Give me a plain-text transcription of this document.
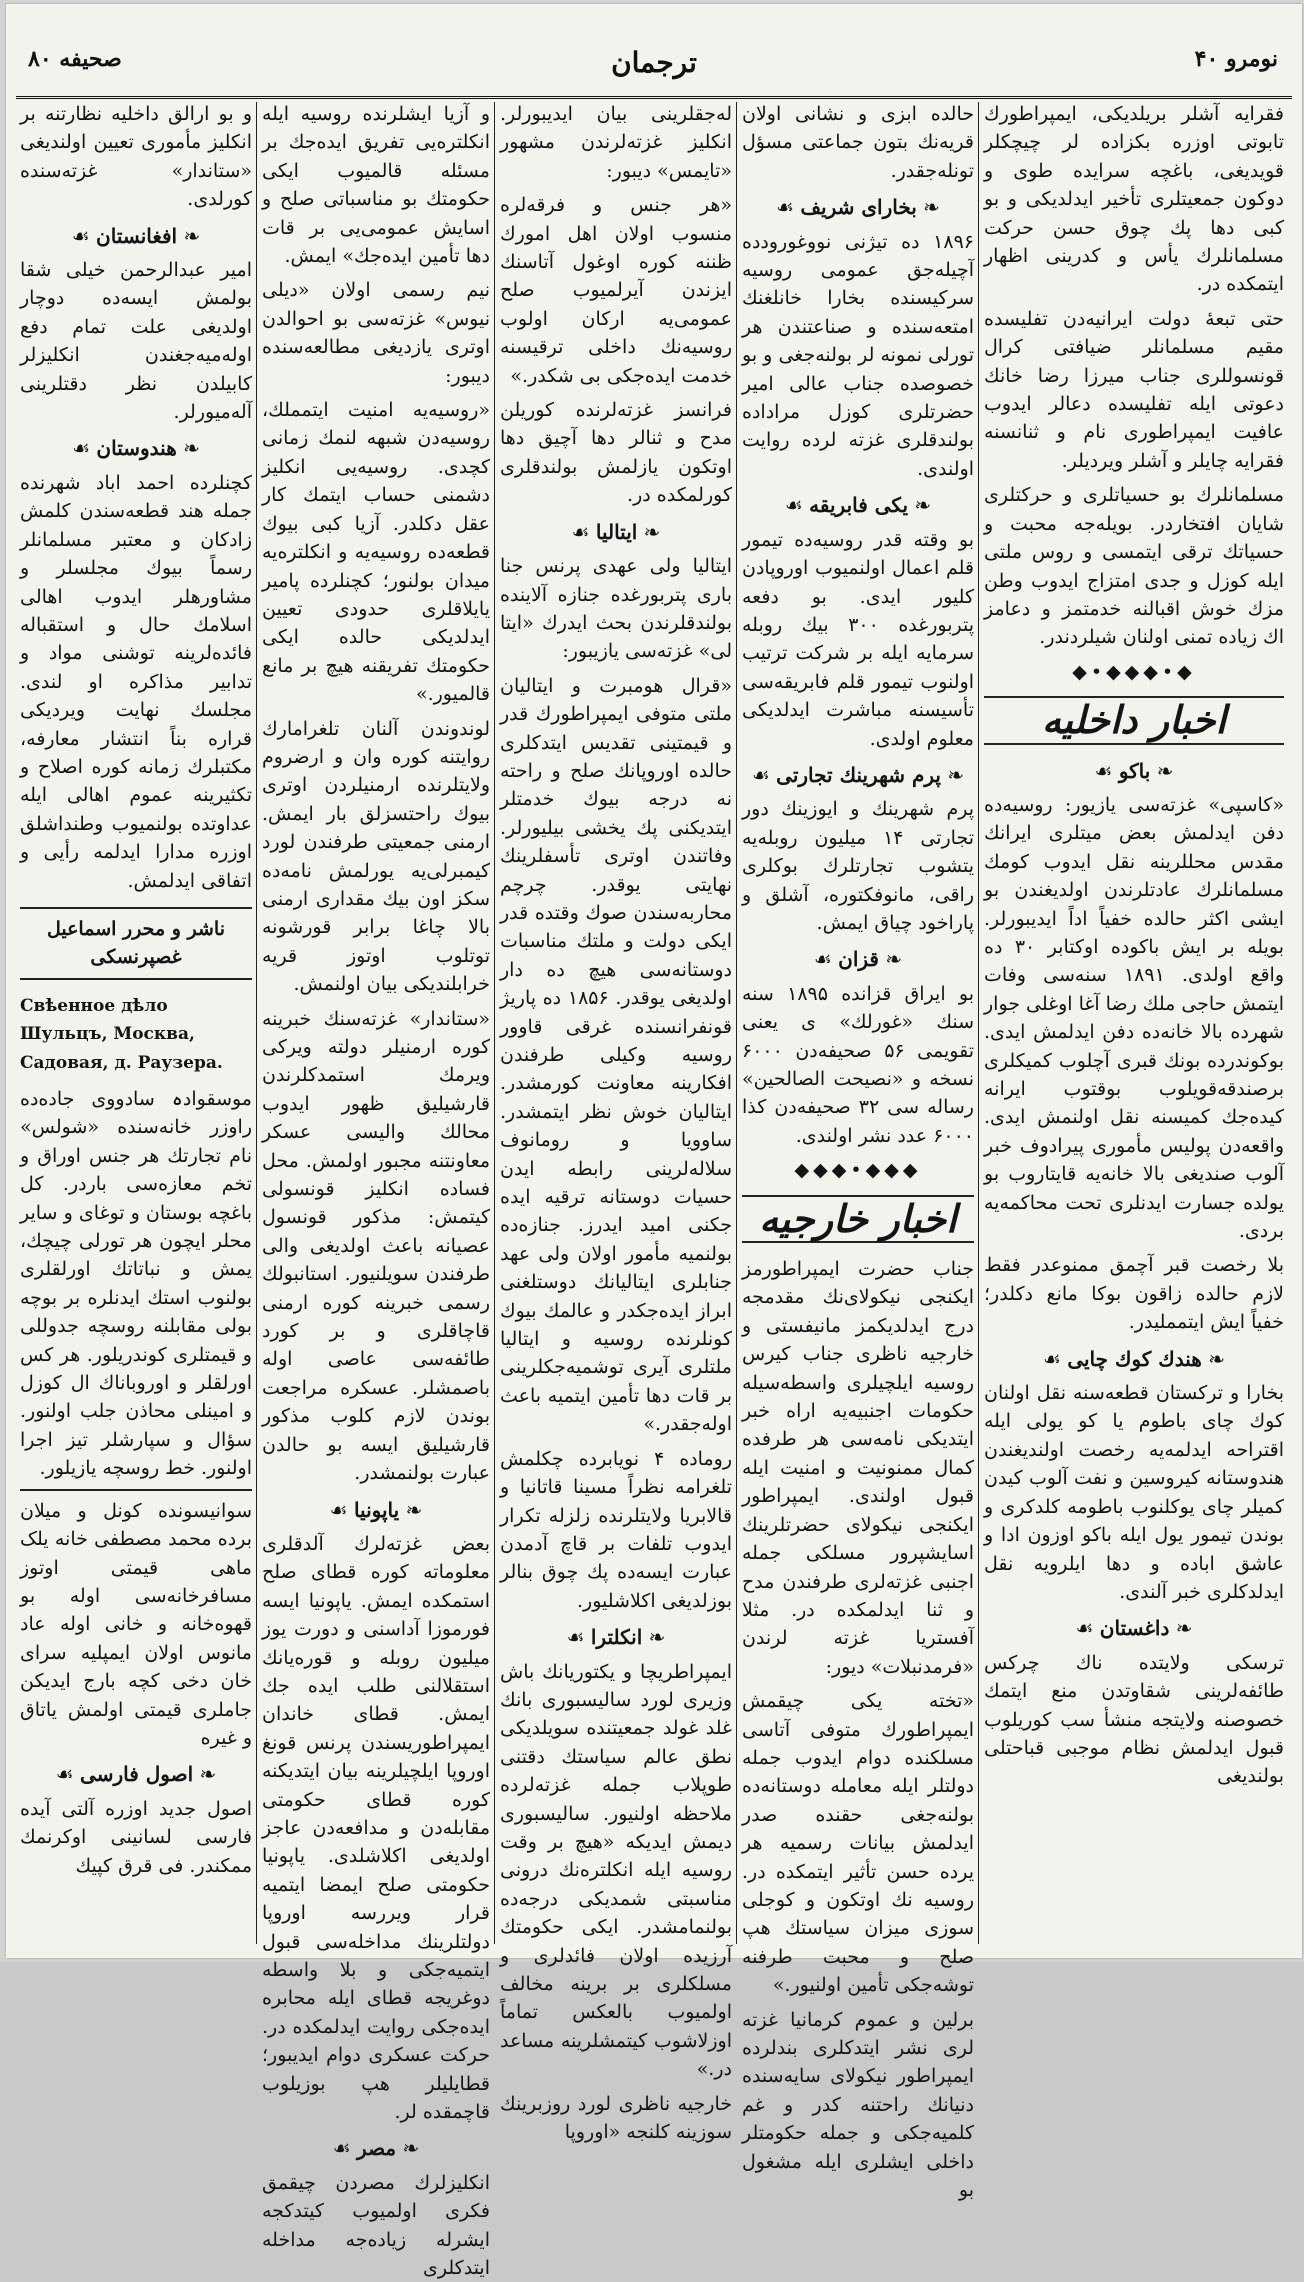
صحیفه ۸۰	ترجمان	نومرو ۴۰

فقرایه آشلر بریلدیکی، ایمپراطورك تابوتی اوزره بکزاده لر چیچکلر قویدیغی، باغچه سرایده طوی و دوکون جمعیتلری تأخیر ایدلدیکی و بو کبی دها پك چوق حسن حرکت مسلمانلرك یأس و کدرینی اظهار ایتمکده در.

حتی تبعهٔ دولت ایرانیه‌دن تفلیسده مقیم مسلمانلر ضیافتی کرال قونسوللری جناب میرزا رضا خانك دعوتی ایله تفلیسده دعالر ایدوب عافیت ایمپراطوری نام و ثنانسنه فقرایه چایلر و آشلر ویردیلر.

مسلمانلرك بو حسیاتلری و حرکتلری شایان افتخاردر. بویله‌جه محبت و حسیاتك ترقی ایتمسی و روس ملتی ایله کوزل و جدی امتزاج ایدوب وطن مزك خوش اقبالنه خدمتمز و دعامز اك زیاده تمنی اولنان شیلردندر.

◆•◆◆◆•◆
اخبار داخلیه
❧ باكو ☙

«کاسپی» غزته‌سی یازیور: روسیه‌ده دفن ایدلمش بعض میتلری ایرانك مقدس محللرینه نقل ایدوب کومك مسلمانلرك عادتلرندن اولدیغندن بو ایشی اکثر حالده خفیاً اداً ایدیبورلر. بویله بر ایش باکوده اوکتابر ۳۰ ده واقع اولدی. ۱۸۹۱ سنه‌سی وفات ایتمش حاجی ملك رضا آغا اوغلی جوار شهرده بالا خانه‌ده دفن ایدلمش ایدی. بوکوندرده بونك قبری آچلوب کمیکلری برصندقه‌قویلوب بوقتوب ایرانه کیده‌جك کمیسنه نقل اولنمش ایدی. واقعه‌دن پولیس مأموری پیرادوف خبر آلوب صندیغی بالا خانه‌یه قایتاروب بو یولده جسارت ایدنلری تحت محاکمه‌یه بردی.

بلا رخصت قبر آچمق ممنوعدر فقط لازم حالده زاقون بوکا مانع دکلدر؛ خفیاً ایش ایتمملیدر.

❧ هندك كوك چایی ☙

بخارا و ترکستان قطعه‌سنه نقل اولنان کوك چای باطوم یا کو یولی ایله اقتراحه ایدلمه‌یه رخصت اولندیغندن هندوستانه کیروسین و نفت آلوب کیدن کمیلر چای یوکلنوب باطومه کلدکری و بوندن تیمور یول ایله باکو اوزون ادا و عاشق اباده و دها ایلرویه نقل ایدلدکلری خبر آلندی.

❧ داغستان ☙

ترسکی ولایتده ناك چرکس طائفه‌لرینی شقاوتدن منع ایتمك خصوصنه ولایتجه منشأ سب کوریلوب قبول ایدلمش نظام موجبی قباحتلی بولندیغی

حالده ابزی و نشانی اولان قریه‌نك بتون جماعتی مسؤل تونله‌جقدر.

❧ بخارای شریف ☙

۱۸۹۶ ده تیژنی نووغورودده آچیله‌جق عمومی روسیه سرکیسنده بخارا خانلغنك امتعه‌سنده و صناعتندن هر تورلی نمونه لر بولنه‌جغی و بو خصوصده جناب عالی امیر حضرتلری کوزل مراداده بولندقلری غزته لرده روایت اولندی.

❧ یکی فابریقه ☙

بو وقته قدر روسیه‌ده تیمور قلم اعمال اولنمیوب اوروپادن کلیور ایدی. بو دفعه پتربورغده ۳۰۰ بیك روبله سرمایه ایله بر شرکت ترتیب اولنوب تیمور قلم فابریقه‌سی تأسیسنه مباشرت ایدلدیکی معلوم اولدی.

❧ پرم شهرینك تجارتی ☙

پرم شهرینك و ایوزینك دور تجارتی ۱۴ میلیون روبله‌یه یتشوب تجارتلرك بوکلری راقی، مانوفکتوره، آشلق و پاراخود چیاق ایمش.

❧ قزان ☙

بو ایراق قزانده ۱۸۹۵ سنه سنك «غورلك» ی یعنی تقویمی ۵۶ صحیفه‌دن ۶۰۰۰ نسخه و «نصیحت الصالحین» رساله سی ۳۲ صحیفه‌دن کذا ۶۰۰۰ عدد نشر اولندی.

◆◆◆•◆◆◆
اخبار خارجیه

جناب حضرت ایمپراطورمز ایکنجی نیکولای‌نك مقدمجه درج ایدلدیکمز مانیفستی و خارجیه ناظری جناب کیرس روسیه ایلچیلری واسطه‌سیله حکومات اجنبیه‌یه اراه خبر ایتدیکی نامه‌سی هر طرفده کمال ممنونیت و امنیت ایله قبول اولندی. ایمپراطور ایکنجی نیکولای حضرتلرینك اسایشپرور مسلکی جمله اجنبی غزته‌لری طرفندن مدح و ثنا ایدلمکده در. مثلا آفستریا غزته لرندن «فرمدنبلات» دیور:

«تخته یکی چیقمش ایمپراطورك متوفی آتاسی مسلکنده دوام ایدوب جمله دولتلر ایله معامله دوستانه‌ده بولنه‌جغی حقنده صدر ایدلمش بیانات رسمیه هر یرده حسن تأثیر ایتمکده در. روسیه نك اوتکون و کوجلی سوزی میزان سیاستك هپ صلح و محبت طرفنه توشه‌جکی تأمین اولنیور.»

برلین و عموم کرمانیا غزته لری نشر ایتدکلری بندلرده ایمپراطور نیکولای سایه‌سنده دنیانك راحتنه کدر و غم کلمیه‌جکی و جمله حکومتلر داخلی ایشلری ایله مشغول بو

له‌جقلرینی بیان ایدیبورلر. انکلیز غزته‌لرندن مشهور «تایمس» دیبور:

«هر جنس و فرقه‌لره منسوب اولان اهل امورك ظننه کوره اوغول آتاسنك ایزندن آیرلمیوب صلح عمومی‌یه ارکان اولوب روسیه‌نك داخلی ترقیسنه خدمت ایده‌جکی بی شکدر.»

فرانسز غزته‌لرنده کوریلن مدح و ثنالر دها آچیق دها اوتکون یازلمش بولندقلری کورلمکده در.

❧ ایتالیا ☙

ایتالیا ولی عهدی پرنس جنا باری پتربورغده جنازه آلاینده بولندقلرندن بحث ایدرك «ایتا لی» غزته‌سی یازیبور:

«قرال هومبرت و ایتالیان ملتی متوفی ایمپراطورك قدر و قیمتینی تقدیس ایتدکلری حالده اوروپانك صلح و راحته نه درجه بیوك خدمتلر ایتدیکنی پك یخشی بیلیورلر. وفاتندن اوتری تأسفلرینك نهایتی یوقدر. چرچم محاربه‌سندن صوك وقتده قدر ایکی دولت و ملتك مناسبات دوستانه‌سی هیچ ده دار اولدیغی یوقدر. ۱۸۵۶ ده پاریژ قونفرانسنده غرقی قاوور روسیه وکیلی طرفندن افکارینه معاونت کورمشدر. ایتالیان خوش نظر ایتمشدر. ساوویا و رومانوف سلاله‌لرینی رابطه ایدن حسیات دوستانه ترقیه ایده جکنی امید ایدرز. جنازه‌ده بولنمیه مأمور اولان ولی عهد جنابلری ایتالیانك دوستلغنی ابراز ایده‌جکدر و عالمك بیوك کونلرنده روسیه و ایتالیا ملتلری آیری توشمیه‌جکلرینی بر قات دها تأمین ایتمیه باعث اوله‌جقدر.»

روماده ۴ نویابرده چکلمش تلغرامه نظراً مسینا قاتانیا و قالابریا ولایتلرنده زلزله تکرار ایدوب تلفات بر قاچ آدمدن عبارت ایسه‌ده پك چوق بنالر بوزلدیغی اکلاشلیور.

❧ انکلترا ☙

ایمپراطریچا و یکتوریانك باش وزیری لورد سالیسبوری بانك غلد غولد جمعیتنده سویلدیکی نطق عالم سیاستك دقتنی طوپلاب جمله غزته‌لرده ملاحظه اولنیور. سالیسبوری دیمش ایدیکه «هیچ بر وقت روسیه ایله انکلتره‌نك درونی مناسبتی شمدیکی درجه‌ده بولنمامشدر. ایکی حکومتك آرزیده اولان فائدلری و مسلکلری بر برینه مخالف اولمیوب بالعکس تماماً اوزلاشوب کیتمشلرینه مساعد در.»

خارجیه ناظری لورد روزبرینك سوزینه کلنجه «اوروپا

و آزیا ایشلرنده روسیه ایله انکلتره‌یی تفریق ایده‌جك بر مسئله قالمیوب ایکی حکومتك بو مناسباتی صلح و اسایش عمومی‌یی بر قات دها تأمین ایده‌جك» ایمش.

نیم رسمی اولان «دیلی نیوس» غزته‌سی بو احوالدن اوتری یازدیغی مطالعه‌سنده دیبور:

«روسیه‌یه امنیت ایتمملك، روسیه‌دن شبهه لنمك زمانی کچدی. روسیه‌یی انکلیز دشمنی حساب ایتمك کار عقل دکلدر. آزیا کبی بیوك قطعه‌ده روسیه‌یه و انکلتره‌یه میدان بولنور؛ کچنلرده پامیر یایلاقلری حدودی تعیین ایدلدیکی حالده ایکی حکومتك تفریقنه هیچ بر مانع قالمیور.»

لوندوندن آلنان تلغرامارك روایتنه کوره وان و ارضروم ولایتلرنده ارمنیلردن اوتری بیوك راحتسزلق بار ایمش. ارمنی جمعیتی طرفندن لورد کیمبرلی‌یه یورلمش نامه‌ده سکز اون بیك مقداری ارمنی بالا چاغا برابر قورشونه توتلوب اوتوز قریه خرابلندیکی بیان اولنمش.

«ستاندار» غزته‌سنك خبرینه کوره ارمنیلر دولته ویرکی ویرمك استمدکلرندن قارشیلیق ظهور ایدوب محالك والیسی عسکر معاونتنه مجبور اولمش. محل فساده انکلیز قونسولی کیتمش: مذکور قونسول عصیانه باعث اولدیغی والی طرفندن سویلنیور. استانبولك رسمی خبرینه کوره ارمنی قاچاقلری و بر کورد طائفه‌سی عاصی اوله باصمشلر. عسکره مراجعت بوندن لازم کلوب مذکور قارشیلیق ایسه بو حالدن عبارت بولنمشدر.

❧ یاپونیا ☙

بعض غزته‌لرك آلدقلری معلوماته کوره قطای صلح استمکده ایمش. یاپونیا ایسه فورموزا آداسنی و دورت یوز میلیون روبله و قوره‌یانك استقلالنی طلب ایده جك ایمش. قطای خاندان ایمپراطوریسندن پرنس قونغ اوروپا ایلچیلرینه بیان ایتدیکنه کوره قطای حکومتی مقابله‌دن و مدافعه‌دن عاجز اولدیغی اکلاشلدی. یاپونیا حکومتی صلح ایمضا ایتمیه قرار ویررسه اوروپا دولتلرینك مداخله‌سی قبول ایتمیه‌جکی و بلا واسطه دوغریجه قطای ایله محابره ایده‌جکی روایت ایدلمکده در. حرکت عسکری دوام ایدیبور؛ قطایلیلر هپ بوزیلوب قاچمقده لر.

❧ مصر ☙

انکلیزلرك مصردن چیقمق فکری اولمیوب کیتدکجه ایشرله زیاده‌جه مداخله ایتدکلری

و بو ارالق داخلیه نظارتنه بر انکلیز مأموری تعیین اولندیغی «ستاندار» غزته‌سنده کورلدی.

❧ افغانستان ☙

امیر عبدالرحمن خیلی شقا بولمش ایسه‌ده دوچار اولدیغی علت تمام دفع اوله‌میه‌جغندن انکلیزلر کابیلدن نظر دقتلرینی آله‌میورلر.

❧ هندوستان ☙

کچنلرده احمد اباد شهرنده جمله هند قطعه‌سندن کلمش زادکان و معتبر مسلمانلر رسماً بیوك مجلسلر و مشاورهلر ایدوب اهالی اسلامك حال و استقباله فائده‌لرینه توشنی مواد و تدابیر مذاکره او لندی. مجلسك نهایت ویردیکی قراره بناً انتشار معارفه، مکتبلرك زمانه کوره اصلاح و تکثیرینه عموم اهالی ایله عداوتده بولنمیوب وطنداشلق اوزره مدارا ایدلمه رأیی و اتفاقی ایدلمش.

ناشر و محرر اسماعیل غصپرنسکی
Свѣенное дѣло Шульцъ, Москва, Садовая, д. Раузера.

موسقوادہ سادووی جاده‌ده راوزر خانه‌سنده «شولس» نام تجارتك هر جنس اوراق و تخم معازه‌سی باردر. کل باغچه بوستان و توغای و سایر محلر ایچون هر تورلی چیچك، یمش و نباتاتك اورلقلری بولنوب استك ایدنلره بر بوچه بولی مقابلنه روسچه جدوللی و قیمتلری کوندریلور. هر کس اورلقلر و اوروباناك ال کوزل و امینلی محاذن جلب اولنور. سؤال و سپارشلر تیز اجرا اولنور. خط روسچه یازیلور.

سوانیسونده کونل و میلان برده محمد مصطفی خانه یلک ماهی قیمتی اوتوز مسافرخانه‌سی اوله بو قهوه‌خانه و خانی اوله عاد مانوس اولان ایمپلیه سرای خان دخی کچه بارج ایدیکن جاملری قیمتی اولمش یاتاق و غیره

❧ اصول فارسی ☙

اصول جدید اوزره آلتی آیده فارسی لسانینی اوکرنمك ممکندر. فی قرق کپیك
